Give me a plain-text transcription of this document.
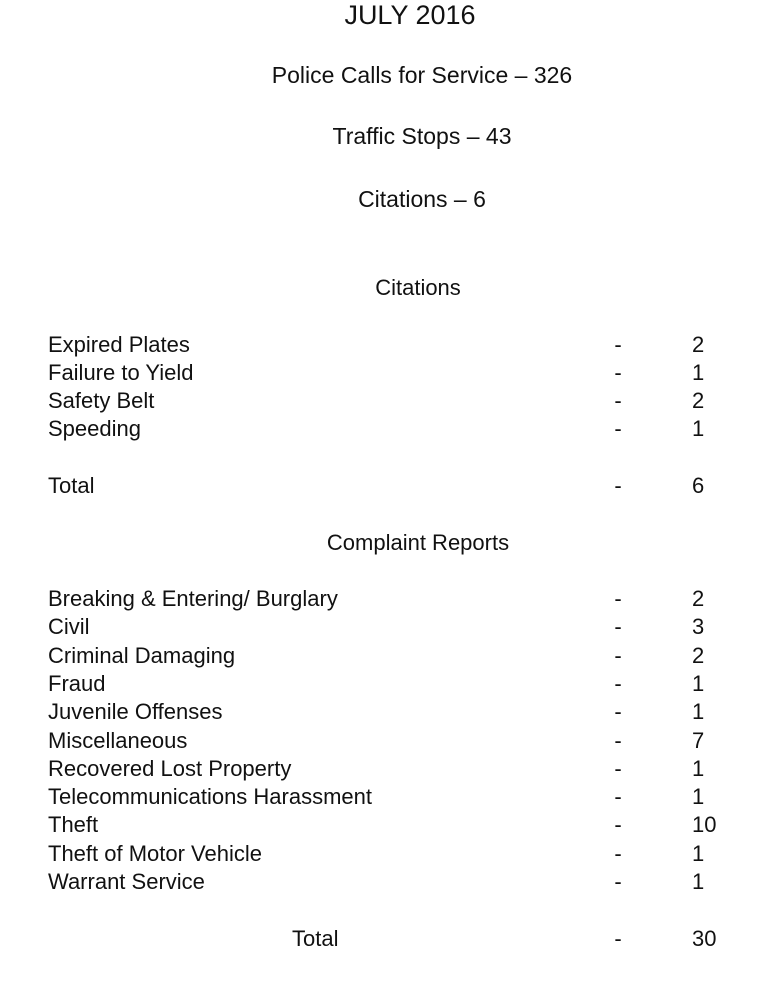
JULY 2016
Police Calls for Service – 326
Traffic Stops – 43
Citations – 6
Citations
Expired Plates	-	2
Failure to Yield	-	1
Safety Belt	-	2
Speeding	-	1
Total	-	6
Complaint Reports
Breaking & Entering/ Burglary	-	2
Civil	-	3
Criminal Damaging	-	2
Fraud	-	1
Juvenile Offenses	-	1
Miscellaneous	-	7
Recovered Lost Property	-	1
Telecommunications Harassment	-	1
Theft	-	10
Theft of Motor Vehicle	-	1
Warrant Service	-	1
Total	-	30
